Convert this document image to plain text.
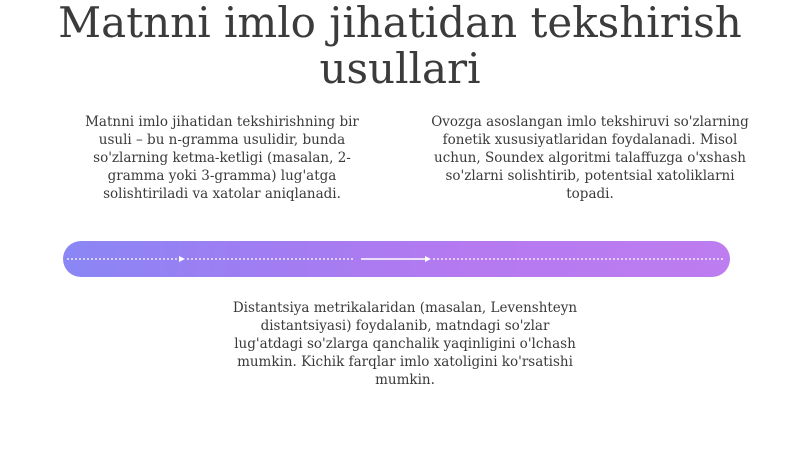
Matnni imlo jihatidan tekshirish usullari
Matnni imlo jihatidan tekshirishning bir usuli – bu n-gramma usulidir, bunda so'zlarning ketma-ketligi (masalan, 2-gramma yoki 3-gramma) lug'atga solishtiriladi va xatolar aniqlanadi.
Ovozga asoslangan imlo tekshiruvi so'zlarning fonetik xususiyatlaridan foydalanadi. Misol uchun, Soundex algoritmi talaffuzga o'xshash so'zlarni solishtirib, potentsial xatoliklarni topadi.
Distantsiya metrikalaridan (masalan, Levenshteyn distantsiyasi) foydalanib, matndagi so'zlar lug'atdagi so'zlarga qanchalik yaqinligini o'lchash mumkin. Kichik farqlar imlo xatoligini ko'rsatishi mumkin.
